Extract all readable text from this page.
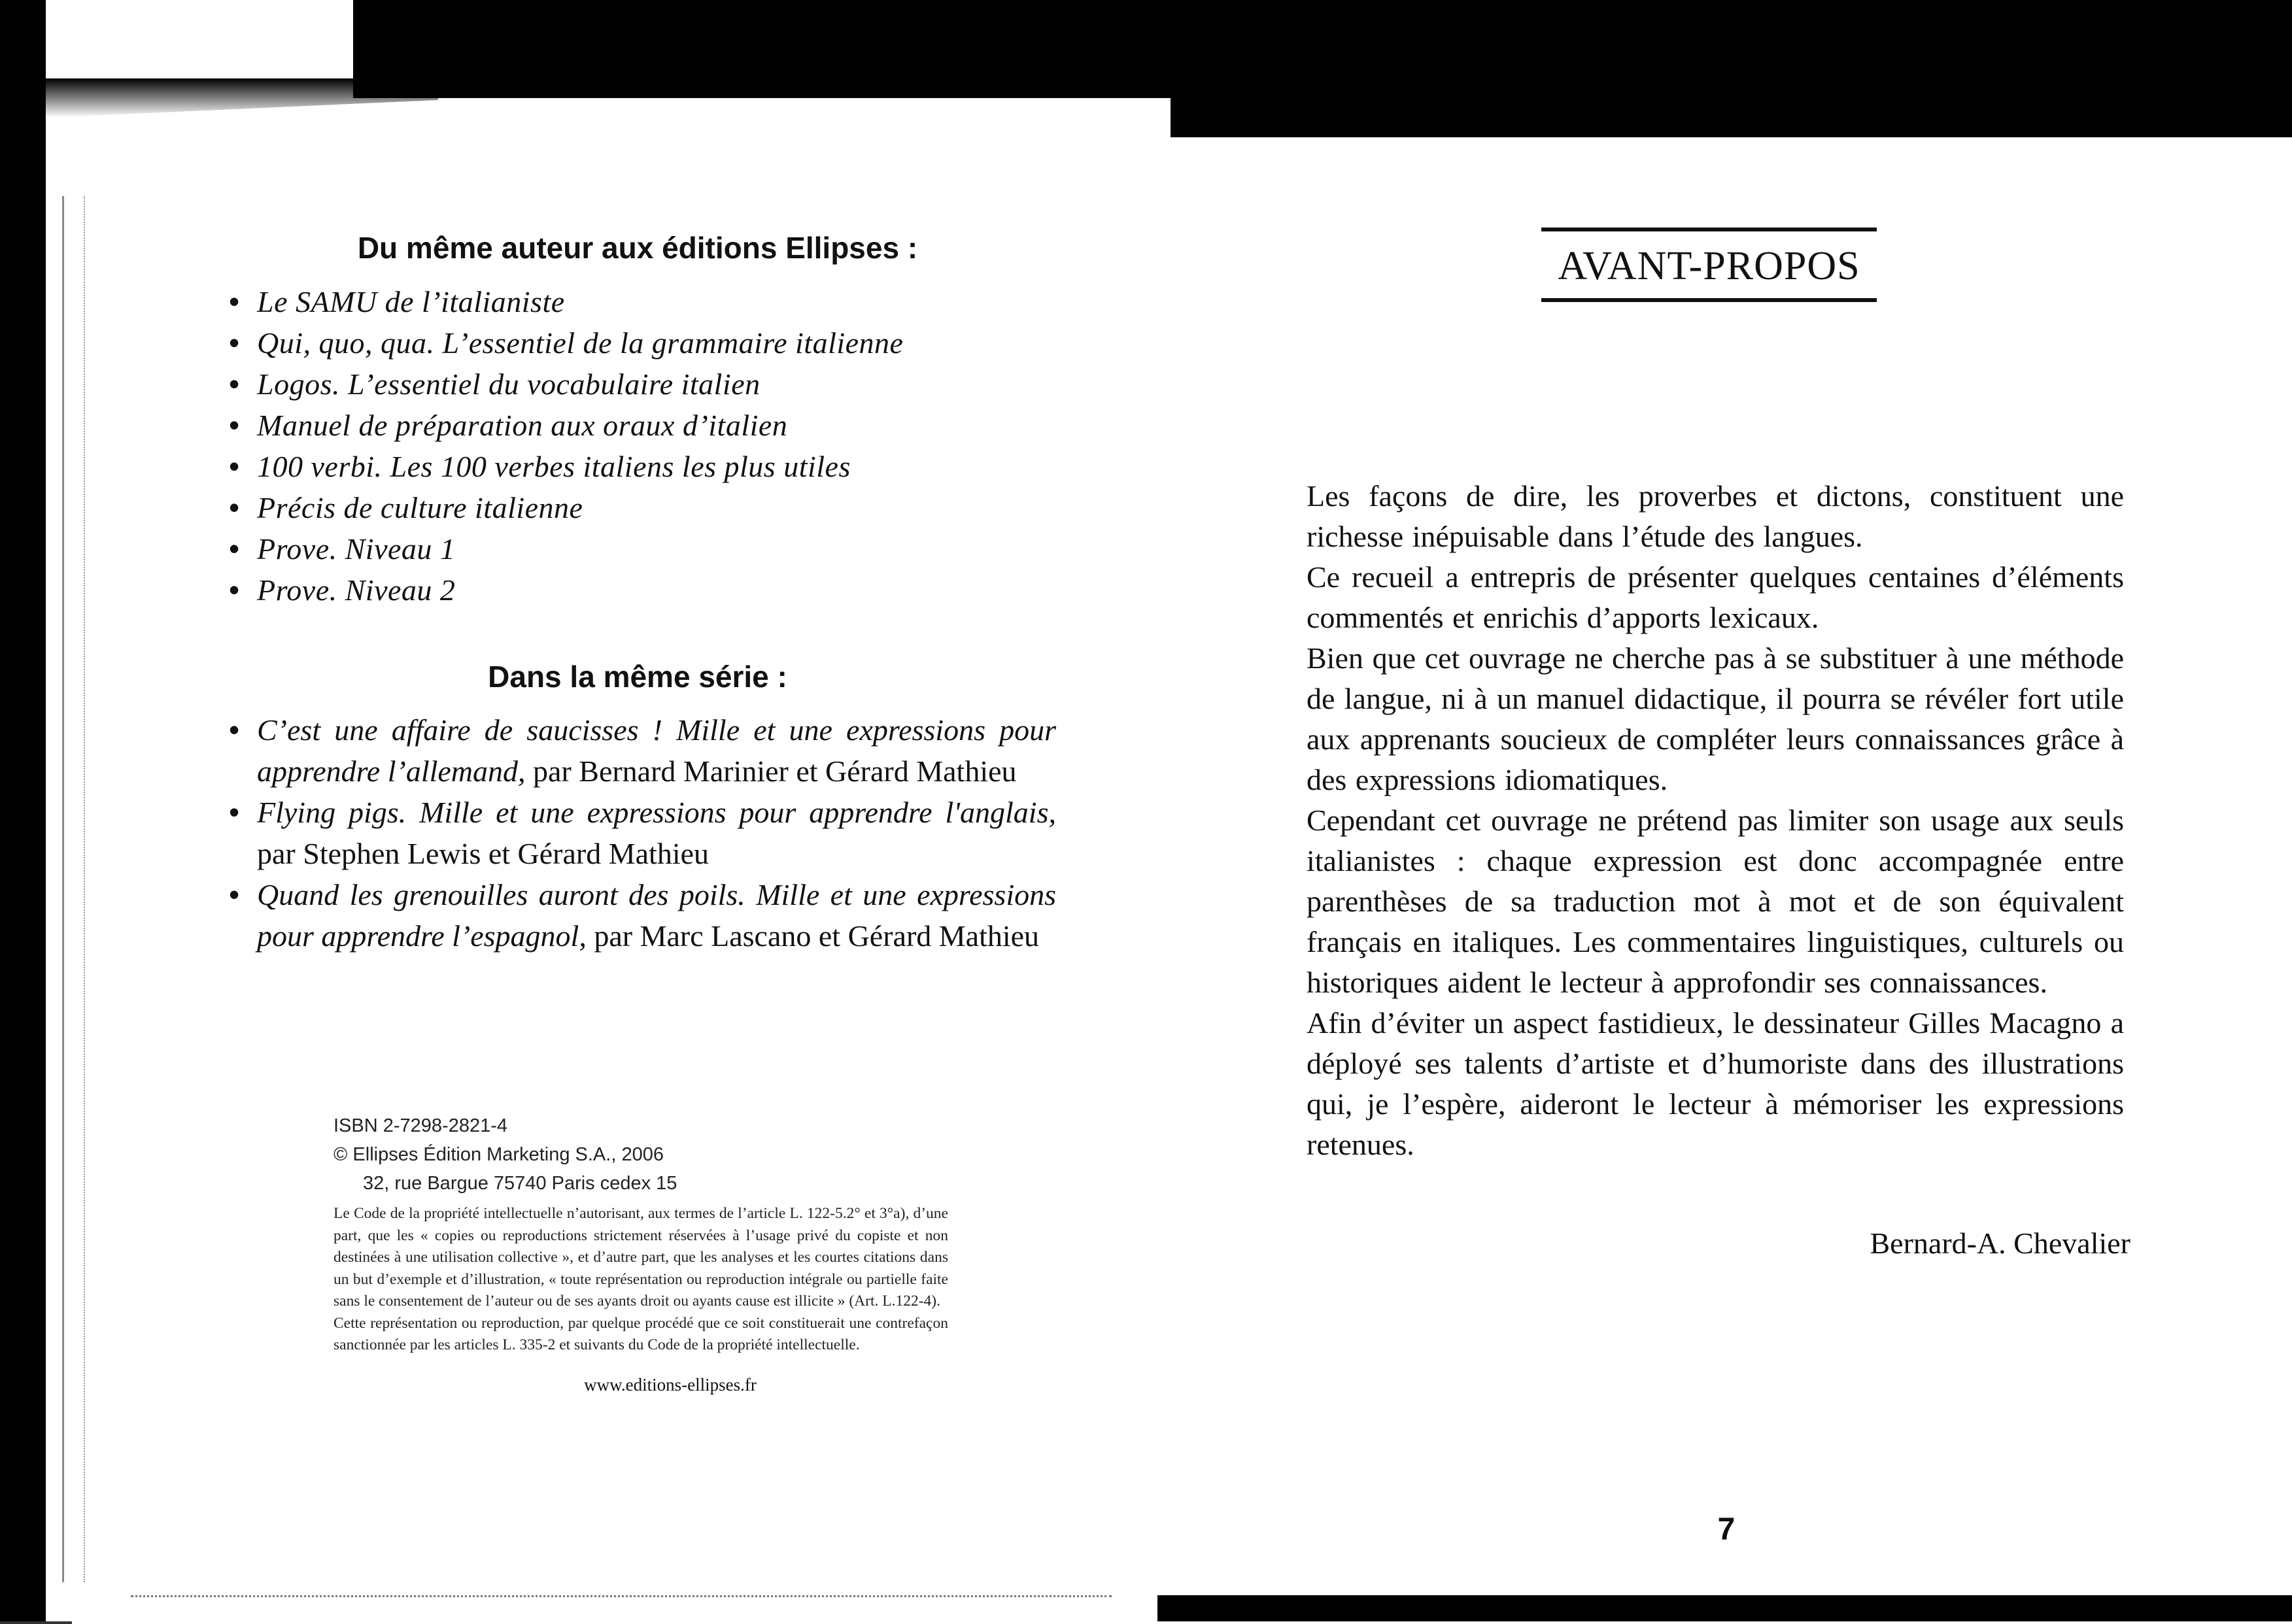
Du même auteur aux éditions Ellipses :
• Le SAMU de l’italianiste
• Qui, quo, qua. L’essentiel de la grammaire italienne
• Logos. L’essentiel du vocabulaire italien
• Manuel de préparation aux oraux d’italien
• 100 verbi. Les 100 verbes italiens les plus utiles
• Précis de culture italienne
• Prove. Niveau 1
• Prove. Niveau 2
Dans la même série :
• C’est une affaire de saucisses ! Mille et une expressions pour apprendre l’allemand, par Bernard Marinier et Gérard Mathieu
• Flying pigs. Mille et une expressions pour apprendre l'anglais, par Stephen Lewis et Gérard Mathieu
• Quand les grenouilles auront des poils. Mille et une expressions pour apprendre l’espagnol, par Marc Lascano et Gérard Mathieu
ISBN 2-7298-2821-4
© Ellipses Édition Marketing S.A., 2006
32, rue Bargue 75740 Paris cedex 15
Le Code de la propriété intellectuelle n’autorisant, aux termes de l’article L. 122-5.2° et 3°a), d’une part, que les « copies ou reproductions strictement réservées à l’usage privé du copiste et non destinées à une utilisation collective », et d’autre part, que les analyses et les courtes citations dans un but d’exemple et d’illustration, « toute représentation ou reproduction intégrale ou partielle faite sans le consentement de l’auteur ou de ses ayants droit ou ayants cause est illicite » (Art. L.122-4).
Cette représentation ou reproduction, par quelque procédé que ce soit constituerait une contrefaçon sanctionnée par les articles L. 335-2 et suivants du Code de la propriété intellectuelle.
www.editions-ellipses.fr
AVANT-PROPOS

Les façons de dire, les proverbes et dictons, constituent une richesse inépuisable dans l’étude des langues.

Ce recueil a entrepris de présenter quelques centaines d’éléments commentés et enrichis d’apports lexicaux.

Bien que cet ouvrage ne cherche pas à se substituer à une méthode de langue, ni à un manuel didactique, il pourra se révéler fort utile aux apprenants soucieux de compléter leurs connaissances grâce à des expressions idiomatiques.

Cependant cet ouvrage ne prétend pas limiter son usage aux seuls italianistes : chaque expression est donc accompagnée entre parenthèses de sa traduction mot à mot et de son équivalent français en italiques. Les commentaires linguistiques, culturels ou historiques aident le lecteur à approfondir ses connaissances.

Afin d’éviter un aspect fastidieux, le dessinateur Gilles Macagno a déployé ses talents d’artiste et d’humoriste dans des illustrations qui, je l’espère, aideront le lecteur à mémoriser les expressions retenues.

Bernard-A. Chevalier
7
